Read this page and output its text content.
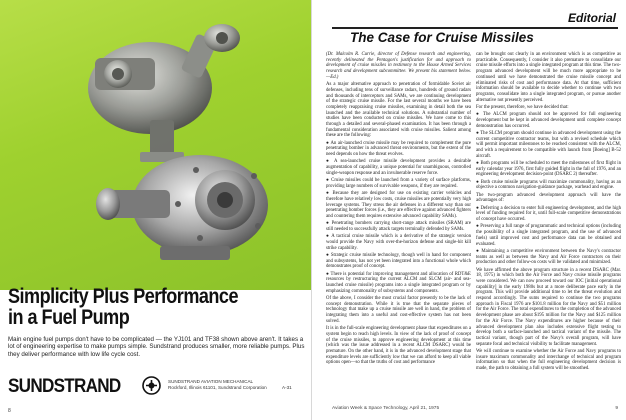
Simplicity Plus Performance
in a Fuel Pump
Main engine fuel pumps don't have to be complicated — the YJ101 and TF38 shown above aren't. It takes a lot of engineering expertise to make pumps simple. Sundstrand produces smaller, more reliable pumps. Plus they deliver performance with low life cycle cost.
SUNDSTRAND	SUNDSTRAND AVIATION MECHANICAL
Rockford, Illinois 61101, Sundstrand Corporation	A-31
8
Editorial
The Case for Cruise Missiles

(Dr. Malcolm R. Currie, director of Defense research and engineering, recently delineated the Pentagon's justification for and approach to development of cruise missiles in testimony to the House Armed Services research and development subcommittee. We present his statement below.—Ed.)

As a major alternative approach to penetration of formidable Soviet air defenses, including tens of surveillance radars, hundreds of ground radars and thousands of interceptors and SAMs, we are continuing development of the strategic cruise missile. For the last several months we have been completely reappraising cruise missiles, examining in detail both the sea launched and the available technical solutions. A substantial number of studies have been conducted on cruise missiles. We have come to this through a detailed and several-phased examination. It has been through a fundamental consideration associated with cruise missiles. Salient among these are the following:

● An air-launched cruise missile may be required to complement the pure penetrating bomber in advanced threat environments, but the extent of the need depends on how the threat evolves.

● A sea-launched cruise missile development provides a desirable augmentation of capability, a unique potential for unambiguous, controlled single-weapon response and an invulnerable reserve force.

● Cruise missiles could be launched from a variety of surface platforms, providing large numbers of survivable weapons, if they are required.

● Because they are designed for use on existing carrier vehicles and therefore have relatively low costs, cruise missiles are potentially very high leverage systems. They stress the air defenses in a different way than our penetrating bomber forces (i.e., they are effective against advanced fighters and countering them requires extensive advanced capability SAMs).

● Penetrating bombers carrying short-range attack missiles (SRAM) are still needed to successfully attack targets terminally defended by SAMs.

● A tactical cruise missile which is a derivative of the strategic version would provide the Navy with over-the-horizon defense and single-hit kill strike capability.

● Strategic cruise missile technology, though well in hand for component and subsystems, has not yet been integrated into a functional whole which demonstrates proof of concept.

● There is potential for improving management and allocation of RDT&E resources by restructuring the current ALCM and SLCM (air- and sea-launched cruise missile) programs into a single integrated program or by emphasizing commonality of subsystems and components.

Of the above, I consider the most crucial factor presently to be the lack of concept demonstration. While it is true that the separate pieces of technology that make up a cruise missile are well in hand, the problem of integrating them into a useful and cost-effective system has not been solved.

It is in the full-scale engineering development phase that expenditures on a system begin to reach high levels. In view of the lack of proof of concept of the cruise missiles, to approve engineering development at this time (which was the issue addressed in a recent ALCM DSARC) would be premature. On the other hand, it is in the advanced development stage that expenditure levels are sufficiently low that we can afford to keep all viable options open—so that the truths of cost and performance

can be brought out clearly in an environment which is as competitive as practicable. Consequently, I consider it also premature to consolidate our cruise missile efforts into a single integrated program at this time. The two-program advanced development will be much more appropriate to be continued until we have demonstrated the cruise missile concept and eliminated risks of cost and performance data. At that time, sufficient information should be available to decide whether to continue with two programs, consolidate into a single integrated program, or pursue another alternative not presently perceived.

For the present, therefore, we have decided that:

● The ALCM program should not be approved for full engineering development but be kept in advanced development until complete concept demonstration has occurred.

● The SLCM program should continue in advanced development using the current competitive contractor teams, but with a revised schedule which will permit important milestones to be reached consistent with the ALCM, and with a requirement to be compatible with launch from [Boeing] B-52 aircraft.

● Both programs will be scheduled to meet the milestones of first flight in early calendar year 1976, first fully guided flight in the fall of 1976, and an engineering development decision-point (DSARC 2) thereafter.

● Both cruise missile programs will maximize commonality, having as an objective a common navigation-guidance package, warhead and engine.

The two-program advanced development approach will have the advantages of:

● Deferring a decision to enter full engineering development, and the high level of funding required for it, until full-scale competitive demonstrations of concept have occurred.

● Preserving a full range of programmatic and technical options (including the possibility of a single integrated program, and the use of advanced fuels) until improved cost and performance data can be obtained and evaluated.

● Maintaining a competitive environment between the Navy's contractor teams as well as between the Navy and Air Force contractors on their production and other follow-on costs will be validated and minimized.

We have affirmed the above program structure in a recent DSARC (Mar. 18, 1975) in which both the Air Force and Navy cruise missile programs were considered. We can now proceed toward our IOC [initial operational capability] in the early 1980s but at a more deliberate pace early in the program. This will provide additional time to let the threat evolution and respond accordingly. The sums required to continue the two programs approach in Fiscal 1976 are $101.8 million for the Navy and $51 million for the Air Force. The total expenditures to the completion of the advanced development phase are about $195 million for the Navy and $125 million for the Air Force. The Navy expenditures are higher because of their advanced development plan also includes extensive flight testing to develop both a surface-launched and tactical variant of the missile. The tactical variant, though part of the Navy's overall program, will have separate focal and technical visibility to facilitate management.

We will continue to examine whether the Air Force and Navy programs to insure maximum commonality and interchange of technical and program information so that when the full engineering development decision is made, the path to obtaining a full system will be smoothed.

Aviation Week & Space Technology, April 21, 1975	9
